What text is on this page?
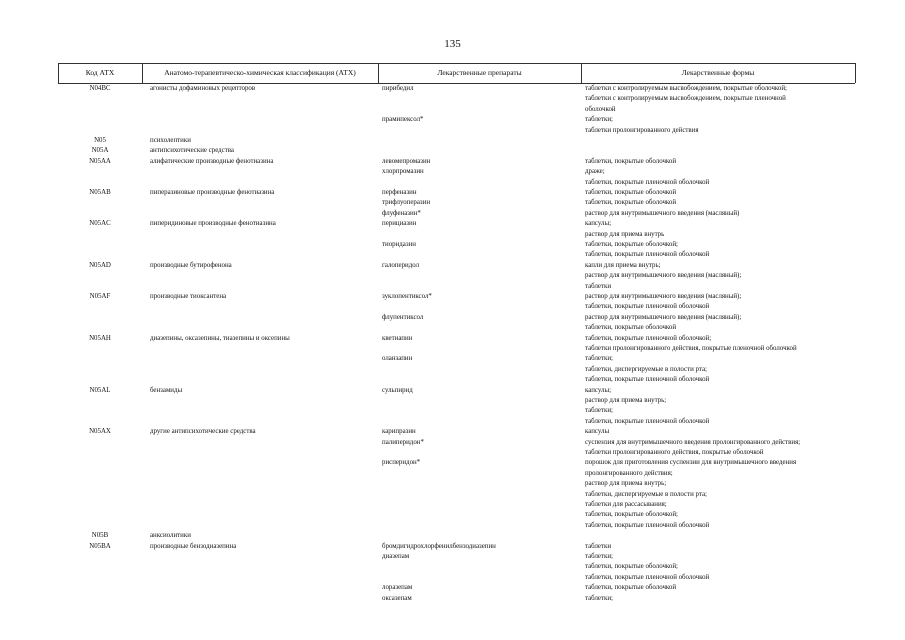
135
Код АТХ	Анатомо-терапевтическо-химическая классификация (АТХ)	Лекарственные препараты	Лекарственные формы
N04BC	агонисты дофаминовых рецепторов	пирибедил	таблетки с контролируемым высвобождением, покрытые оболочкой;
таблетки с контролируемым высвобождением, покрытые пленочной
оболочкой
прамипексол*	таблетки;
таблетки пролонгированного действия
N05	психолептики
N05A	антипсихотические средства
N05AA	алифатические производные фенотиазина	левомепромазин	таблетки, покрытые оболочкой
хлорпромазин	драже;
таблетки, покрытые пленочной оболочкой
N05AB	пиперазиновые производные фенотиазина	перфеназин	таблетки, покрытые оболочкой
трифлуоперазин	таблетки, покрытые оболочкой
флуфеназин*	раствор для внутримышечного введения (масляный)
N05AC	пиперидиновые производные фенотиазина	перициазин	капсулы;
раствор для приема внутрь
тиоридазин	таблетки, покрытые оболочкой;
таблетки, покрытые пленочной оболочкой
N05AD	производные бутирофенона	галоперидол	капли для приема внутрь;
раствор для внутримышечного введения (масляный);
таблетки
N05AF	производные тиоксантена	зуклопентиксол*	раствор для внутримышечного введения (масляный);
таблетки, покрытые пленочной оболочкой
флупентиксол	раствор для внутримышечного введения (масляный);
таблетки, покрытые оболочкой
N05AH	диазепины, оксазепины, тиазепины и оксепины	кветиапин	таблетки, покрытые пленочной оболочкой;
таблетки пролонгированного действия, покрытые пленочной оболочкой
оланзапин	таблетки;
таблетки, диспергируемые в полости рта;
таблетки, покрытые пленочной оболочкой
N05AL	бензамиды	сульпирид	капсулы;
раствор для приема внутрь;
таблетки;
таблетки, покрытые пленочной оболочкой
N05AX	другие антипсихотические средства	карипразин	капсулы
палиперидон*	суспензия для внутримышечного введения пролонгированного действия;
таблетки пролонгированного действия, покрытые оболочкой
рисперидон*	порошок для приготовления суспензии для внутримышечного введения
пролонгированного действия;
раствор для приема внутрь;
таблетки, диспергируемые в полости рта;
таблетки для рассасывания;
таблетки, покрытые оболочкой;
таблетки, покрытые пленочной оболочкой
N05B	анксиолитики
N05BA	производные бензодиазепина	бромдигидрохлорфенилбензодиазепин	таблетки
диазепам	таблетки;
таблетки, покрытые оболочкой;
таблетки, покрытые пленочной оболочкой
лоразепам	таблетки, покрытые оболочкой
оксазепам	таблетки;
